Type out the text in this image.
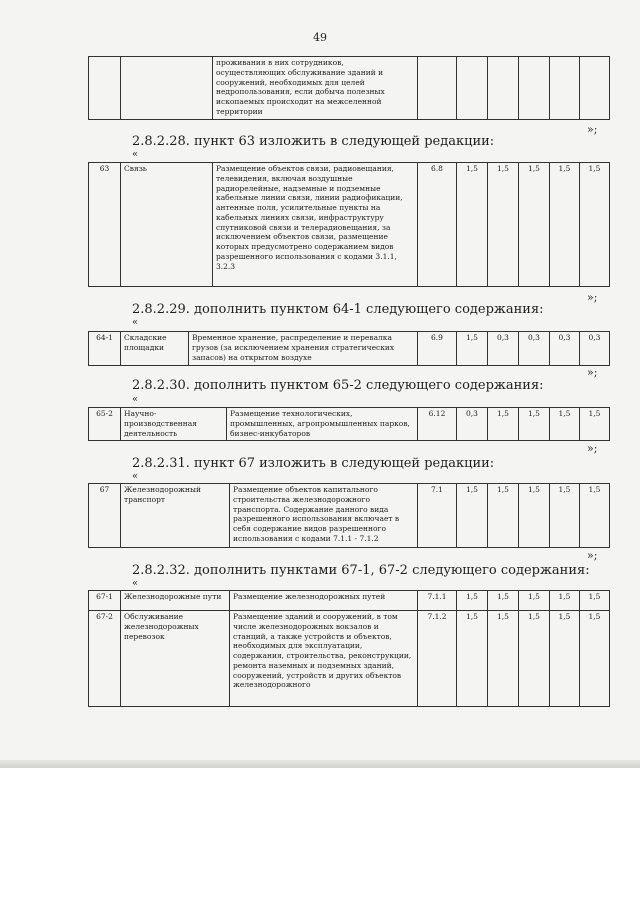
49
		проживания в них сотрудников, осуществляющих обслуживание зданий и сооружений, необходимых для целей недропользования, если добыча полезных ископаемых происходит на межселенной территории						
»;
2.8.2.28. пункт 63 изложить в следующей редакции:
«
63	Связь	Размещение объектов связи, радиовещания, телевидения, включая воздушные радиорелейные, надземные и подземные кабельные линии связи, линии радиофикации, антенные поля, усилительные пункты на кабельных линиях связи, инфраструктуру спутниковой связи и телерадиовещания, за исключением объектов связи, размещение которых предусмотрено содержанием видов разрешенного использования с кодами 3.1.1, 3.2.3	6.8	1,5	1,5	1,5	1,5	1,5
»;
2.8.2.29. дополнить пунктом 64-1 следующего содержания:
«
64-1	Складские площадки	Временное хранение, распределение и перевалка грузов (за исключением хранения стратегических запасов) на открытом воздухе	6.9	1,5	0,3	0,3	0,3	0,3
»;
2.8.2.30. дополнить пунктом 65-2 следующего содержания:
«
65-2	Научно-производственная деятельность	Размещение технологических, промышленных, агропромышленных парков, бизнес-инкубаторов	6.12	0,3	1,5	1,5	1,5	1,5
»;
2.8.2.31. пункт 67 изложить в следующей редакции:
«
67	Железнодорожный транспорт	Размещение объектов капитального строительства железнодорожного транспорта. Содержание данного вида разрешенного использования включает в себя содержание видов разрешенного использования с кодами 7.1.1 - 7.1.2	7.1	1,5	1,5	1,5	1,5	1,5
»;
2.8.2.32. дополнить пунктами 67-1, 67-2 следующего содержания:
«
67-1	Железнодорожные пути	Размещение железнодорожных путей	7.1.1	1,5	1,5	1,5	1,5	1,5
67-2	Обслуживание железнодорожных перевозок	Размещение зданий и сооружений, в том числе железнодорожных вокзалов и станций, а также устройств и объектов, необходимых для эксплуатации, содержания, строительства, реконструкции, ремонта наземных и подземных зданий, сооружений, устройств и других объектов железнодорожного	7.1.2	1,5	1,5	1,5	1,5	1,5
